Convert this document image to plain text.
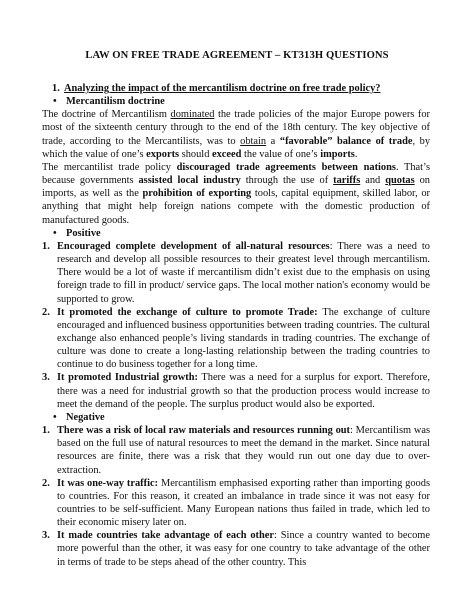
LAW ON FREE TRADE AGREEMENT – KT313H QUESTIONS
1. Analyzing the impact of the mercantilism doctrine on free trade policy?
• Mercantilism doctrine

The doctrine of Mercantilism dominated the trade policies of the major Europe powers for most of the sixteenth century through to the end of the 18th century. The key objective of trade, according to the Mercantilists, was to obtain a “favorable” balance of trade, by which the value of one’s exports should exceed the value of one’s imports.

The mercantilist trade policy discouraged trade agreements between nations. That’s because governments assisted local industry through the use of tariffs and quotas on imports, as well as the prohibition of exporting tools, capital equipment, skilled labor, or anything that might help foreign nations compete with the domestic production of manufactured goods.

• Positive
1. Encouraged complete development of all-natural resources: There was a need to research and develop all possible resources to their greatest level through mercantilism. There would be a lot of waste if mercantilism didn’t exist due to the emphasis on using foreign trade to fill in product/ service gaps. The local mother nation's economy would be supported to grow.
2. It promoted the exchange of culture to promote Trade: The exchange of culture encouraged and influenced business opportunities between trading countries. The cultural exchange also enhanced people’s living standards in trading countries. The exchange of culture was done to create a long-lasting relationship between the trading countries to continue to do business together for a long time.
3. It promoted Industrial growth: There was a need for a surplus for export. Therefore, there was a need for industrial growth so that the production process would increase to meet the demand of the people. The surplus product would also be exported.
• Negative
1. There was a risk of local raw materials and resources running out: Mercantilism was based on the full use of natural resources to meet the demand in the market. Since natural resources are finite, there was a risk that they would run out one day due to over-extraction.
2. It was one-way traffic: Mercantilism emphasised exporting rather than importing goods to countries. For this reason, it created an imbalance in trade since it was not easy for countries to be self-sufficient. Many European nations thus failed in trade, which led to their economic misery later on.
3. It made countries take advantage of each other: Since a country wanted to become more powerful than the other, it was easy for one country to take advantage of the other in terms of trade to be steps ahead of the other country. This
